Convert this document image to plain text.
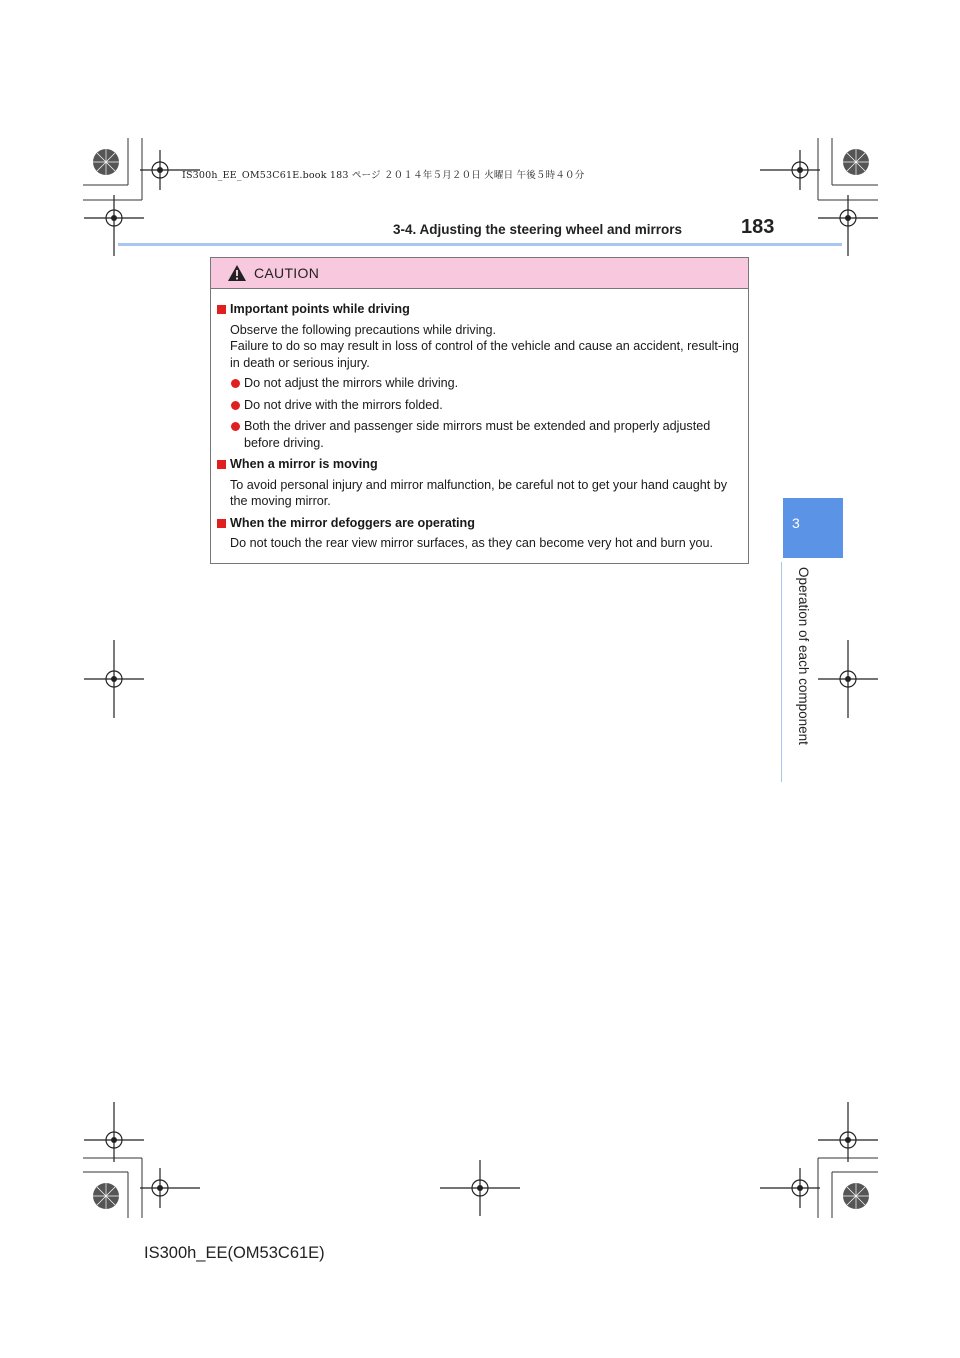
IS300h_EE_OM53C61E.book 183 ページ ２０１４年５月２０日 火曜日 午後５時４０分
3-4. Adjusting the steering wheel and mirrors	183
3
Operation of each component
CAUTION
Important points while driving
Observe the following precautions while driving.
Failure to do so may result in loss of control of the vehicle and cause an accident, result-ing in death or serious injury.
Do not adjust the mirrors while driving.
Do not drive with the mirrors folded.
Both the driver and passenger side mirrors must be extended and properly adjusted before driving.
When a mirror is moving
To avoid personal injury and mirror malfunction, be careful not to get your hand caught by the moving mirror.
When the mirror defoggers are operating
Do not touch the rear view mirror surfaces, as they can become very hot and burn you.
IS300h_EE(OM53C61E)
